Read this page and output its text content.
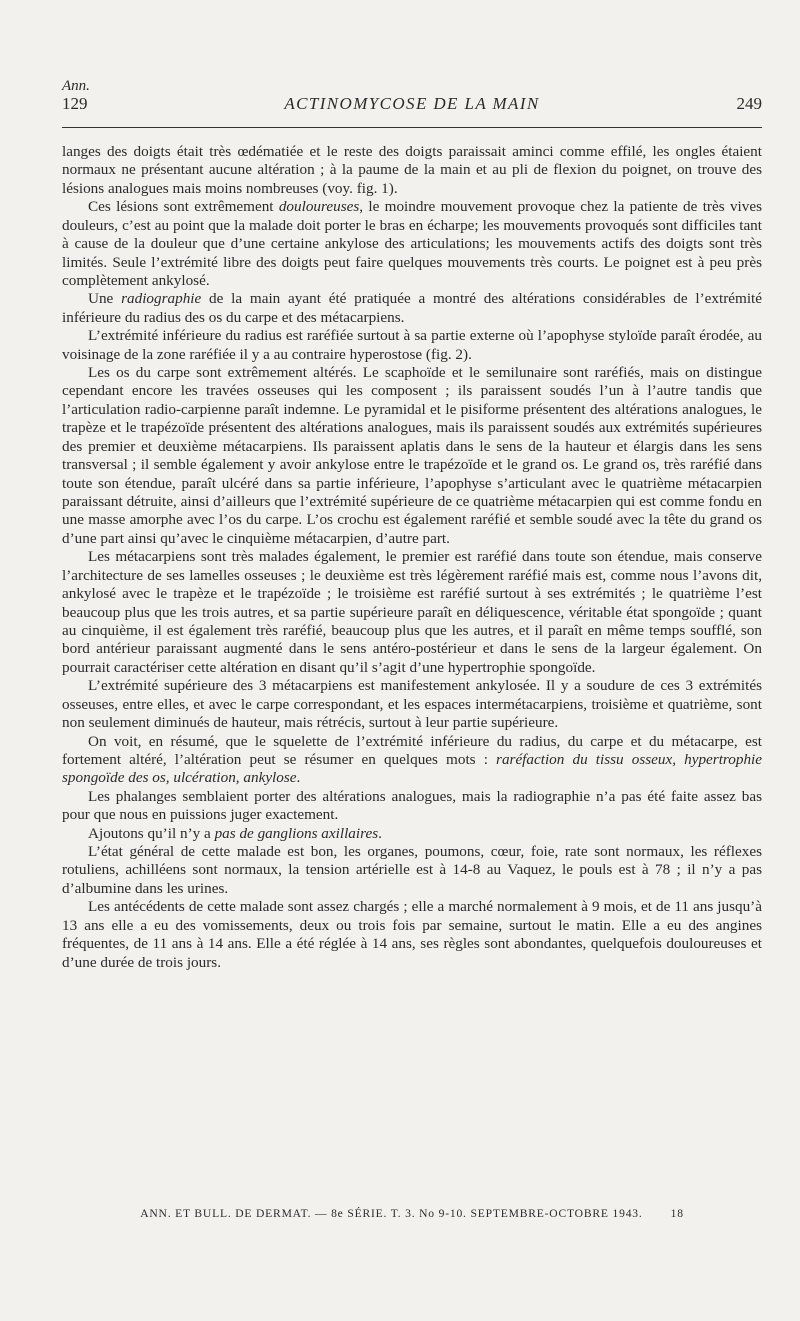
Ann.
129	ACTINOMYCOSE DE LA MAIN	249

langes des doigts était très œdématiée et le reste des doigts paraissait aminci comme effilé, les ongles étaient normaux ne présentant aucune altération ; à la paume de la main et au pli de flexion du poignet, on trouve des lésions analogues mais moins nombreuses (voy. fig. 1).

Ces lésions sont extrêmement douloureuses, le moindre mouvement provoque chez la patiente de très vives douleurs, c’est au point que la malade doit porter le bras en écharpe; les mouvements provoqués sont difficiles tant à cause de la douleur que d’une certaine ankylose des articulations; les mouvements actifs des doigts sont très limités. Seule l’extrémité libre des doigts peut faire quelques mouvements très courts. Le poignet est à peu près complètement ankylosé.

Une radiographie de la main ayant été pratiquée a montré des altérations considérables de l’extrémité inférieure du radius des os du carpe et des métacarpiens.

L’extrémité inférieure du radius est raréfiée surtout à sa partie externe où l’apophyse styloïde paraît érodée, au voisinage de la zone raréfiée il y a au contraire hyperostose (fig. 2).

Les os du carpe sont extrêmement altérés. Le scaphoïde et le semilunaire sont raréfiés, mais on distingue cependant encore les travées osseuses qui les composent ; ils paraissent soudés l’un à l’autre tandis que l’articulation radio-carpienne paraît indemne. Le pyramidal et le pisiforme présentent des altérations analogues, le trapèze et le trapézoïde présentent des altérations analogues, mais ils paraissent soudés aux extrémités supérieures des premier et deuxième métacarpiens. Ils paraissent aplatis dans le sens de la hauteur et élargis dans les sens transversal ; il semble également y avoir ankylose entre le trapézoïde et le grand os. Le grand os, très raréfié dans toute son étendue, paraît ulcéré dans sa partie inférieure, l’apophyse s’articulant avec le quatrième métacarpien paraissant détruite, ainsi d’ailleurs que l’extrémité supérieure de ce quatrième métacarpien qui est comme fondu en une masse amorphe avec l’os du carpe. L’os crochu est également raréfié et semble soudé avec la tête du grand os d’une part ainsi qu’avec le cinquième métacarpien, d’autre part.

Les métacarpiens sont très malades également, le premier est raréfié dans toute son étendue, mais conserve l’architecture de ses lamelles osseuses ; le deuxième est très légèrement raréfié mais est, comme nous l’avons dit, ankylosé avec le trapèze et le trapézoïde ; le troisième est raréfié surtout à ses extrémités ; le quatrième l’est beaucoup plus que les trois autres, et sa partie supérieure paraît en déliquescence, véritable état spongoïde ; quant au cinquième, il est également très raréfié, beaucoup plus que les autres, et il paraît en même temps soufflé, son bord antérieur paraissant augmenté dans le sens antéro-postérieur et dans le sens de la largeur également. On pourrait caractériser cette altération en disant qu’il s’agit d’une hypertrophie spongoïde.

L’extrémité supérieure des 3 métacarpiens est manifestement ankylosée. Il y a soudure de ces 3 extrémités osseuses, entre elles, et avec le carpe correspondant, et les espaces intermétacarpiens, troisième et quatrième, sont non seulement diminués de hauteur, mais rétrécis, surtout à leur partie supérieure.

On voit, en résumé, que le squelette de l’extrémité inférieure du radius, du carpe et du métacarpe, est fortement altéré, l’altération peut se résumer en quelques mots : raréfaction du tissu osseux, hypertrophie spongoïde des os, ulcération, ankylose.

Les phalanges semblaient porter des altérations analogues, mais la radiographie n’a pas été faite assez bas pour que nous en puissions juger exactement.

Ajoutons qu’il n’y a pas de ganglions axillaires.

L’état général de cette malade est bon, les organes, poumons, cœur, foie, rate sont normaux, les réflexes rotuliens, achilléens sont normaux, la tension artérielle est à 14-8 au Vaquez, le pouls est à 78 ; il n’y a pas d’albumine dans les urines.

Les antécédents de cette malade sont assez chargés ; elle a marché normalement à 9 mois, et de 11 ans jusqu’à 13 ans elle a eu des vomissements, deux ou trois fois par semaine, surtout le matin. Elle a eu des angines fréquentes, de 11 ans à 14 ans. Elle a été réglée à 14 ans, ses règles sont abondantes, quelquefois douloureuses et d’une durée de trois jours.

ANN. ET BULL. DE DERMAT. — 8e SÉRIE. T. 3. No 9-10. SEPTEMBRE-OCTOBRE 1943. 18
